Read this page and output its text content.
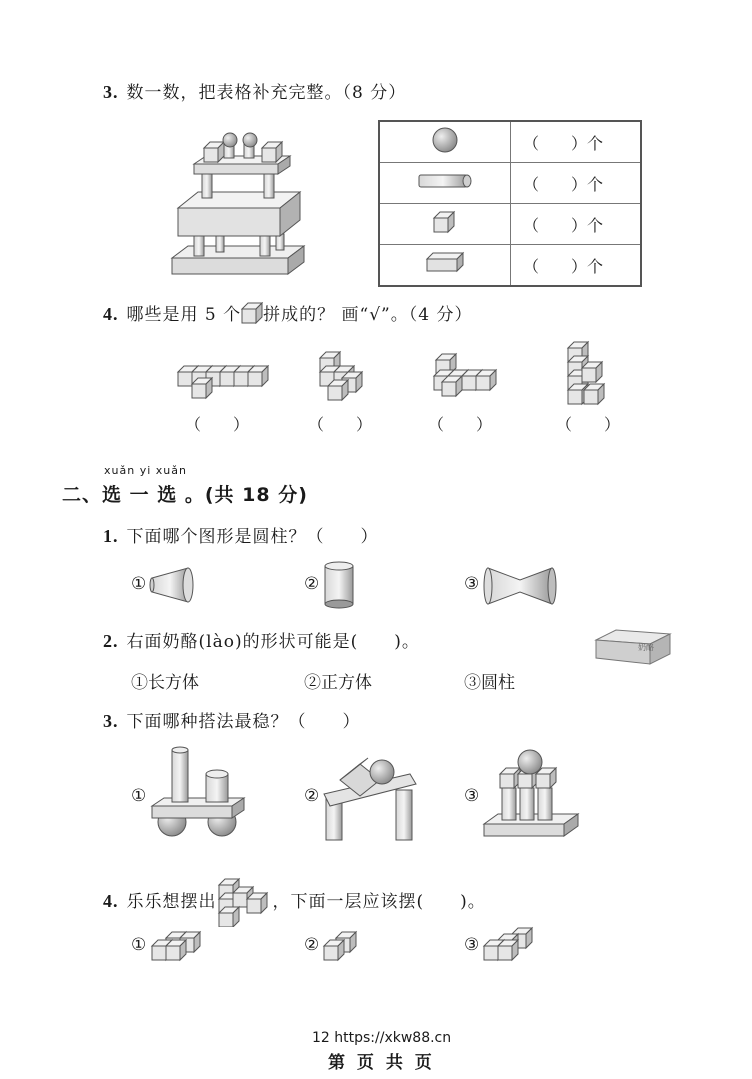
3. 数一数，把表格补充完整。（8 分）
	（　　）个
	（　　）个
	（　　）个
	（　　）个
4. 哪些是用 5 个 拼成的？ 画“√”。（4 分）
（　　）	（　　）	（　　）	（　　）
xuǎn yi xuǎn
二、选 一 选 。(共 18 分)
1. 下面哪个图形是圆柱？（　　）
①	②	③
2. 右面奶酪(lào)的形状可能是(　　)。	奶酪
①长方体	②正方体	③圆柱
3. 下面哪种搭法最稳？（　　）
①	②	③
4. 乐乐想摆出	，下面一层应该摆(　　)。
①	②	③
12 https://xkw88.cn
第 页 共 页
